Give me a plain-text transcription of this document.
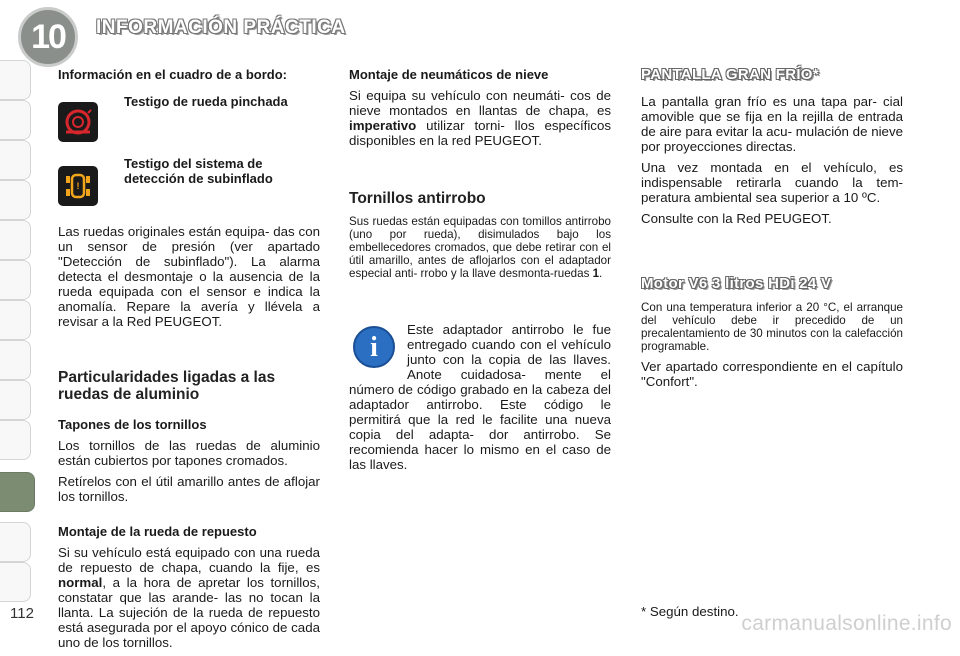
10 INFORMACIÓN PRÁCTICA
112
Información en el cuadro de a bordo:
Testigo de rueda pinchada
!
Testigo del sistema de detección de subinflado

Las ruedas originales están equipa- das con un sensor de presión (ver apartado "Detección de subinflado"). La alarma detecta el desmontaje o la ausencia de la rueda equipada con el sensor e indica la anomalía. Repare la avería y llévela a revisar a la Red PEUGEOT.

Particularidades ligadas a las ruedas de aluminio
Tapones de los tornillos

Los tornillos de las ruedas de aluminio están cubiertos por tapones cromados.

Retírelos con el útil amarillo antes de aflojar los tornillos.

Montaje de la rueda de repuesto

Si su vehículo está equipado con una rueda de repuesto de chapa, cuando la fije, es normal, a la hora de apretar los tornillos, constatar que las arande- las no tocan la llanta. La sujeción de la rueda de repuesto está asegurada por el apoyo cónico de cada uno de los tornillos.

Montaje de neumáticos de nieve

Si equipa su vehículo con neumáti- cos de nieve montados en llantas de chapa, es imperativo utilizar torni- llos específicos disponibles en la red PEUGEOT.

Tornillos antirrobo

Sus ruedas están equipadas con tomillos antirrobo (uno por rueda), disimulados bajo los embellecedores cromados, que debe retirar con el útil amarillo, antes de aflojarlos con el adaptador especial anti- rrobo y la llave desmonta-ruedas 1.

i

Este adaptador antirrobo le fue entregado cuando con el vehículo junto con la copia de las llaves. Anote cuidadosa- mente el número de código grabado en la cabeza del adaptador antirrobo. Este código le permitirá que la red le facilite una nueva copia del adapta- dor antirrobo. Se recomienda hacer lo mismo en el caso de las llaves.

PANTALLA GRAN FRÍO*

La pantalla gran frío es una tapa par- cial amovible que se fija en la rejilla de entrada de aire para evitar la acu- mulación de nieve por proyecciones directas.

Una vez montada en el vehículo, es indispensable retirarla cuando la tem- peratura ambiental sea superior a 10 ºC.

Consulte con la Red PEUGEOT.

Motor V6 3 litros HDi 24 V

Con una temperatura inferior a 20 °C, el arranque del vehículo debe ir precedido de un precalentamiento de 30 minutos con la calefacción programable.

Ver apartado correspondiente en el capítulo "Confort".

* Según destino.
carmanualsonline.info
